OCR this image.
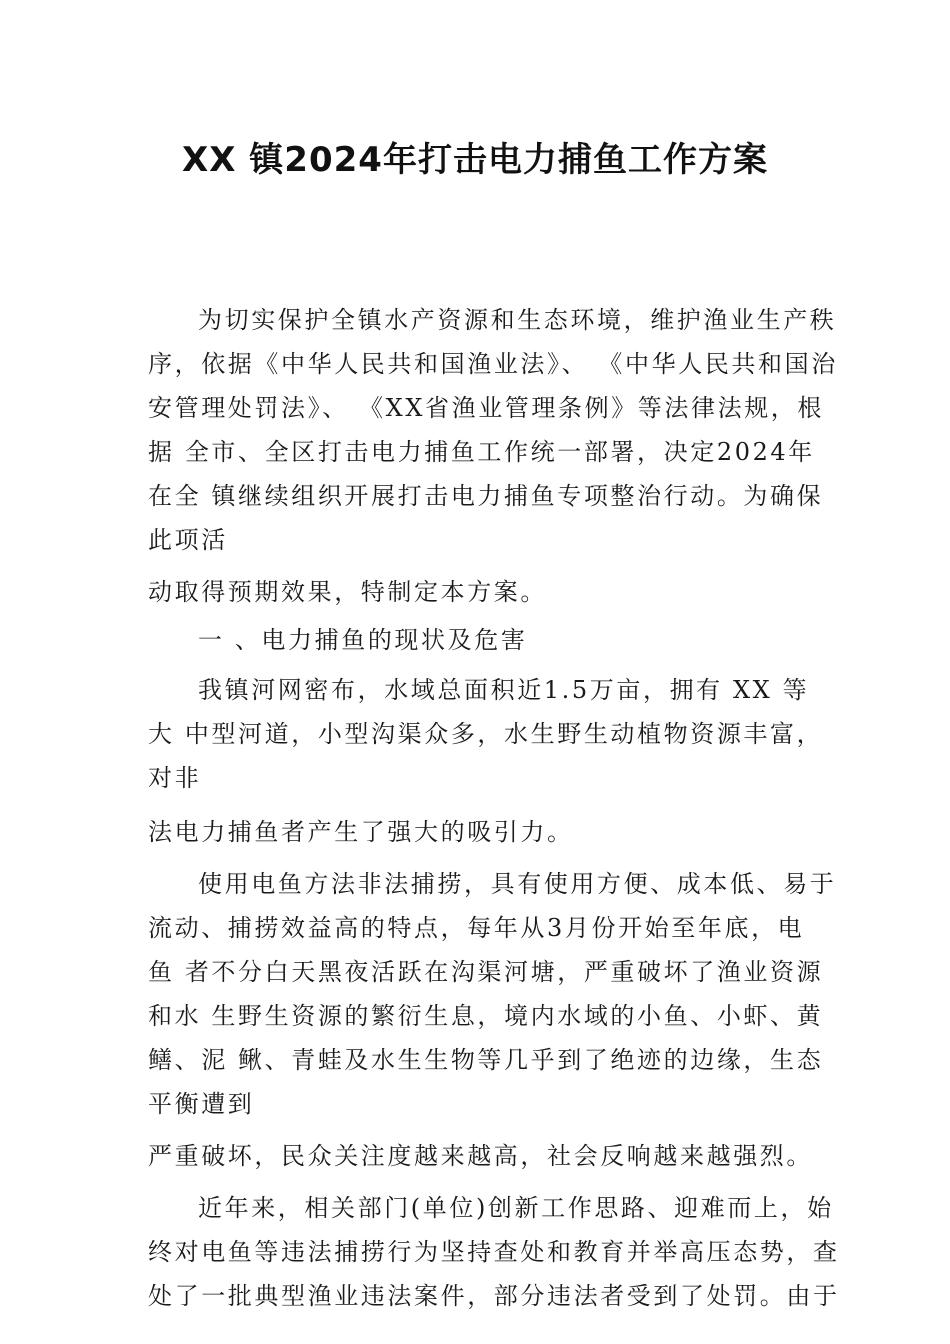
XX 镇2024年打击电力捕鱼工作方案

为切实保护全镇水产资源和生态环境，维护渔业生产秩
序，依据《中华人民共和国渔业法》、 《中华人民共和国治
安管理处罚法》、 《XX省渔业管理条例》等法律法规，根
据 全市、全区打击电力捕鱼工作统一部署，决定2024年
在全 镇继续组织开展打击电力捕鱼专项整治行动。为确保
此项活

动取得预期效果，特制定本方案。

一 、电力捕鱼的现状及危害

我镇河网密布，水域总面积近1.5万亩，拥有 XX 等
大 中型河道，小型沟渠众多，水生野生动植物资源丰富，
对非

法电力捕鱼者产生了强大的吸引力。

使用电鱼方法非法捕捞，具有使用方便、成本低、易于
流动、捕捞效益高的特点，每年从3月份开始至年底，电
鱼 者不分白天黑夜活跃在沟渠河塘，严重破坏了渔业资源
和水 生野生资源的繁衍生息，境内水域的小鱼、小虾、黄
鳝、泥 鳅、青蛙及水生生物等几乎到了绝迹的边缘，生态
平衡遭到

严重破坏，民众关注度越来越高，社会反响越来越强烈。

近年来，相关部门(单位)创新工作思路、迎难而上，始
终对电鱼等违法捕捞行为坚持查处和教育并举高压态势，查
处了一批典型渔业违法案件，部分违法者受到了处罚。由于
